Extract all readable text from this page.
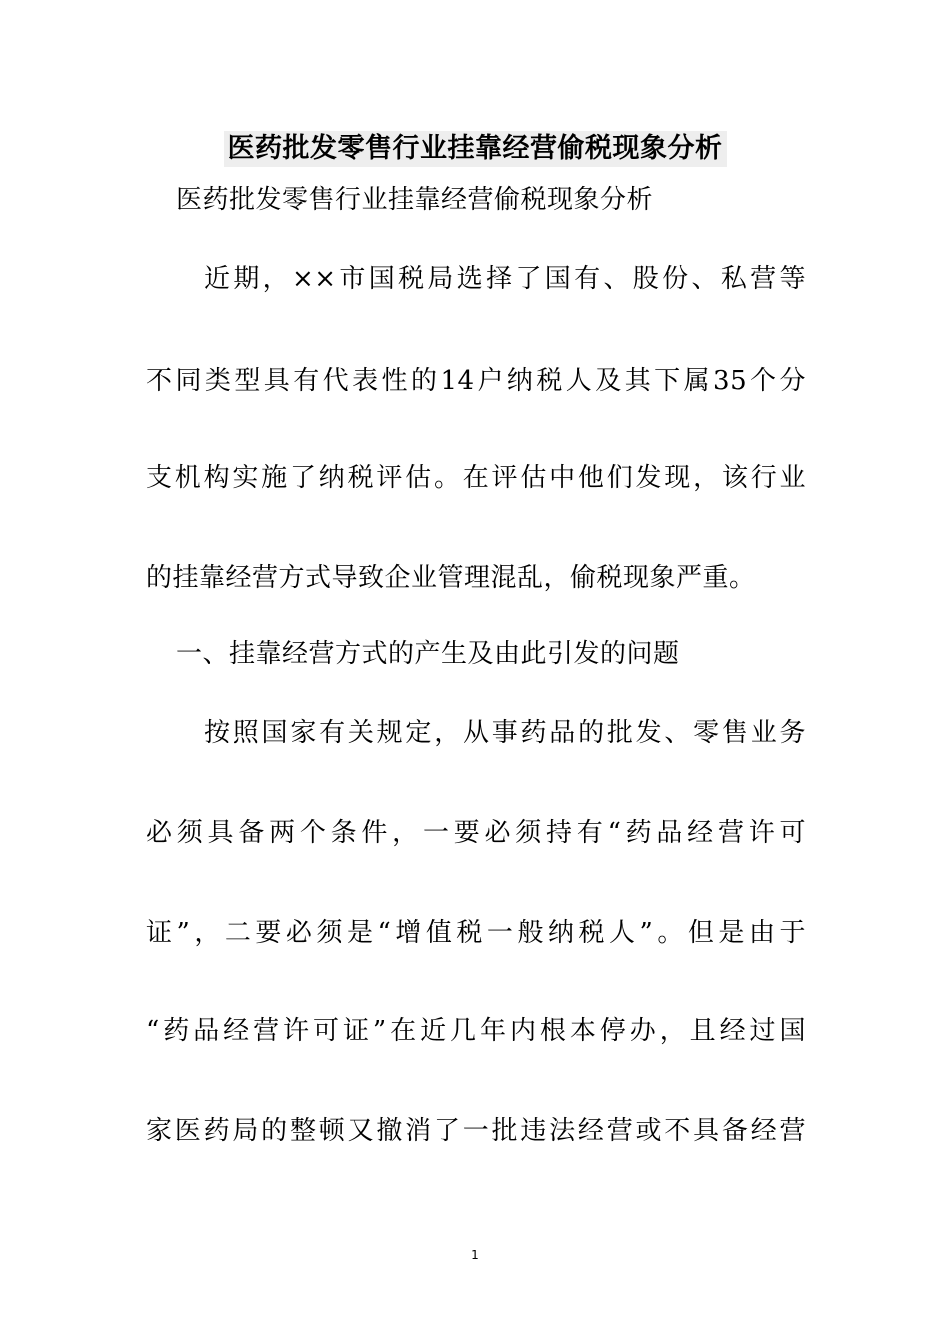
医药批发零售行业挂靠经营偷税现象分析
医药批发零售行业挂靠经营偷税现象分析
近期，××市国税局选择了国有、股份、私营等
不同类型具有代表性的14户纳税人及其下属35个分
支机构实施了纳税评估。在评估中他们发现，该行业
的挂靠经营方式导致企业管理混乱，偷税现象严重。
一、挂靠经营方式的产生及由此引发的问题
按照国家有关规定，从事药品的批发、零售业务
必须具备两个条件，一要必须持有“药品经营许可
证”，二要必须是“增值税一般纳税人”。但是由于
“药品经营许可证”在近几年内根本停办，且经过国
家医药局的整顿又撤消了一批违法经营或不具备经营
1
